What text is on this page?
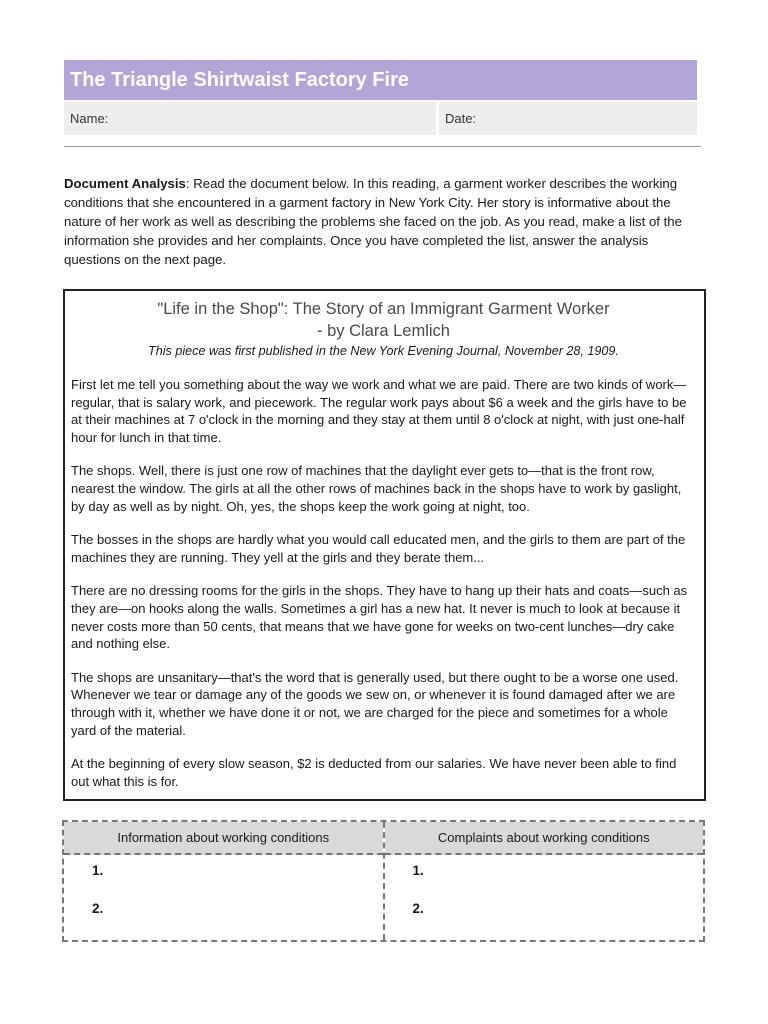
The Triangle Shirtwaist Factory Fire
Name:	Date:
Document Analysis: Read the document below. In this reading, a garment worker describes the working conditions that she encountered in a garment factory in New York City. Her story is informative about the nature of her work as well as describing the problems she faced on the job. As you read, make a list of the information she provides and her complaints. Once you have completed the list, answer the analysis questions on the next page.
"Life in the Shop": The Story of an Immigrant Garment Worker
- by Clara Lemlich
This piece was first published in the New York Evening Journal, November 28, 1909.

First let me tell you something about the way we work and what we are paid. There are two kinds of work—regular, that is salary work, and piecework. The regular work pays about $6 a week and the girls have to be at their machines at 7 o'clock in the morning and they stay at them until 8 o'clock at night, with just one-half hour for lunch in that time.

The shops. Well, there is just one row of machines that the daylight ever gets to—that is the front row, nearest the window. The girls at all the other rows of machines back in the shops have to work by gaslight, by day as well as by night. Oh, yes, the shops keep the work going at night, too.

The bosses in the shops are hardly what you would call educated men, and the girls to them are part of the machines they are running. They yell at the girls and they berate them...

There are no dressing rooms for the girls in the shops. They have to hang up their hats and coats—such as they are—on hooks along the walls. Sometimes a girl has a new hat. It never is much to look at because it never costs more than 50 cents, that means that we have gone for weeks on two-cent lunches—dry cake and nothing else.

The shops are unsanitary—that's the word that is generally used, but there ought to be a worse one used. Whenever we tear or damage any of the goods we sew on, or whenever it is found damaged after we are through with it, whether we have done it or not, we are charged for the piece and sometimes for a whole yard of the material.

At the beginning of every slow season, $2 is deducted from our salaries. We have never been able to find out what this is for.

Information about working conditions
1.
2.
Complaints about working conditions
1.
2.
